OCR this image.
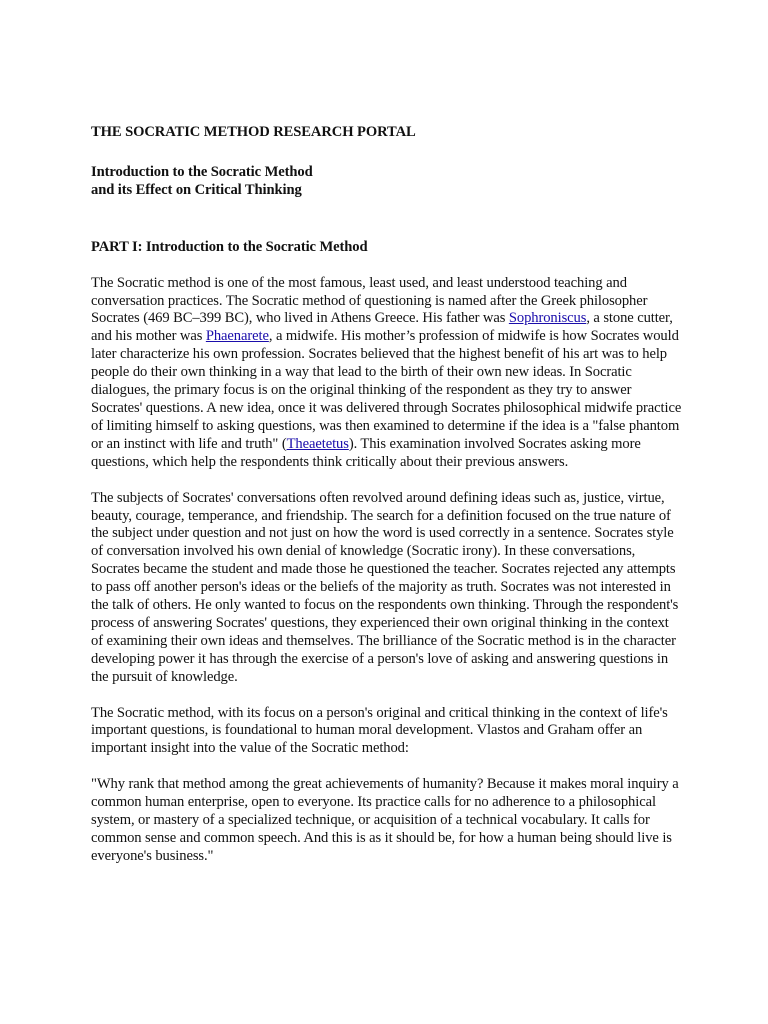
THE SOCRATIC METHOD RESEARCH PORTAL

Introduction to the Socratic Method
and its Effect on Critical Thinking

PART I: Introduction to the Socratic Method

The Socratic method is one of the most famous, least used, and least understood teaching and conversation practices. The Socratic method of questioning is named after the Greek philosopher Socrates (469 BC–399 BC), who lived in Athens Greece. His father was Sophroniscus, a stone cutter, and his mother was Phaenarete, a midwife. His mother’s profession of midwife is how Socrates would later characterize his own profession. Socrates believed that the highest benefit of his art was to help people do their own thinking in a way that lead to the birth of their own new ideas. In Socratic dialogues, the primary focus is on the original thinking of the respondent as they try to answer Socrates' questions. A new idea, once it was delivered through Socrates philosophical midwife practice of limiting himself to asking questions, was then examined to determine if the idea is a "false phantom or an instinct with life and truth" (Theaetetus). This examination involved Socrates asking more questions, which help the respondents think critically about their previous answers.

The subjects of Socrates' conversations often revolved around defining ideas such as, justice, virtue, beauty, courage, temperance, and friendship. The search for a definition focused on the true nature of the subject under question and not just on how the word is used correctly in a sentence. Socrates style of conversation involved his own denial of knowledge (Socratic irony). In these conversations, Socrates became the student and made those he questioned the teacher. Socrates rejected any attempts to pass off another person's ideas or the beliefs of the majority as truth. Socrates was not interested in the talk of others. He only wanted to focus on the respondents own thinking. Through the respondent's process of answering Socrates' questions, they experienced their own original thinking in the context of examining their own ideas and themselves. The brilliance of the Socratic method is in the character developing power it has through the exercise of a person's love of asking and answering questions in the pursuit of knowledge.

The Socratic method, with its focus on a person's original and critical thinking in the context of life's important questions, is foundational to human moral development. Vlastos and Graham offer an important insight into the value of the Socratic method:

"Why rank that method among the great achievements of humanity? Because it makes moral inquiry a common human enterprise, open to everyone. Its practice calls for no adherence to a philosophical system, or mastery of a specialized technique, or acquisition of a technical vocabulary. It calls for common sense and common speech. And this is as it should be, for how a human being should live is everyone's business."
